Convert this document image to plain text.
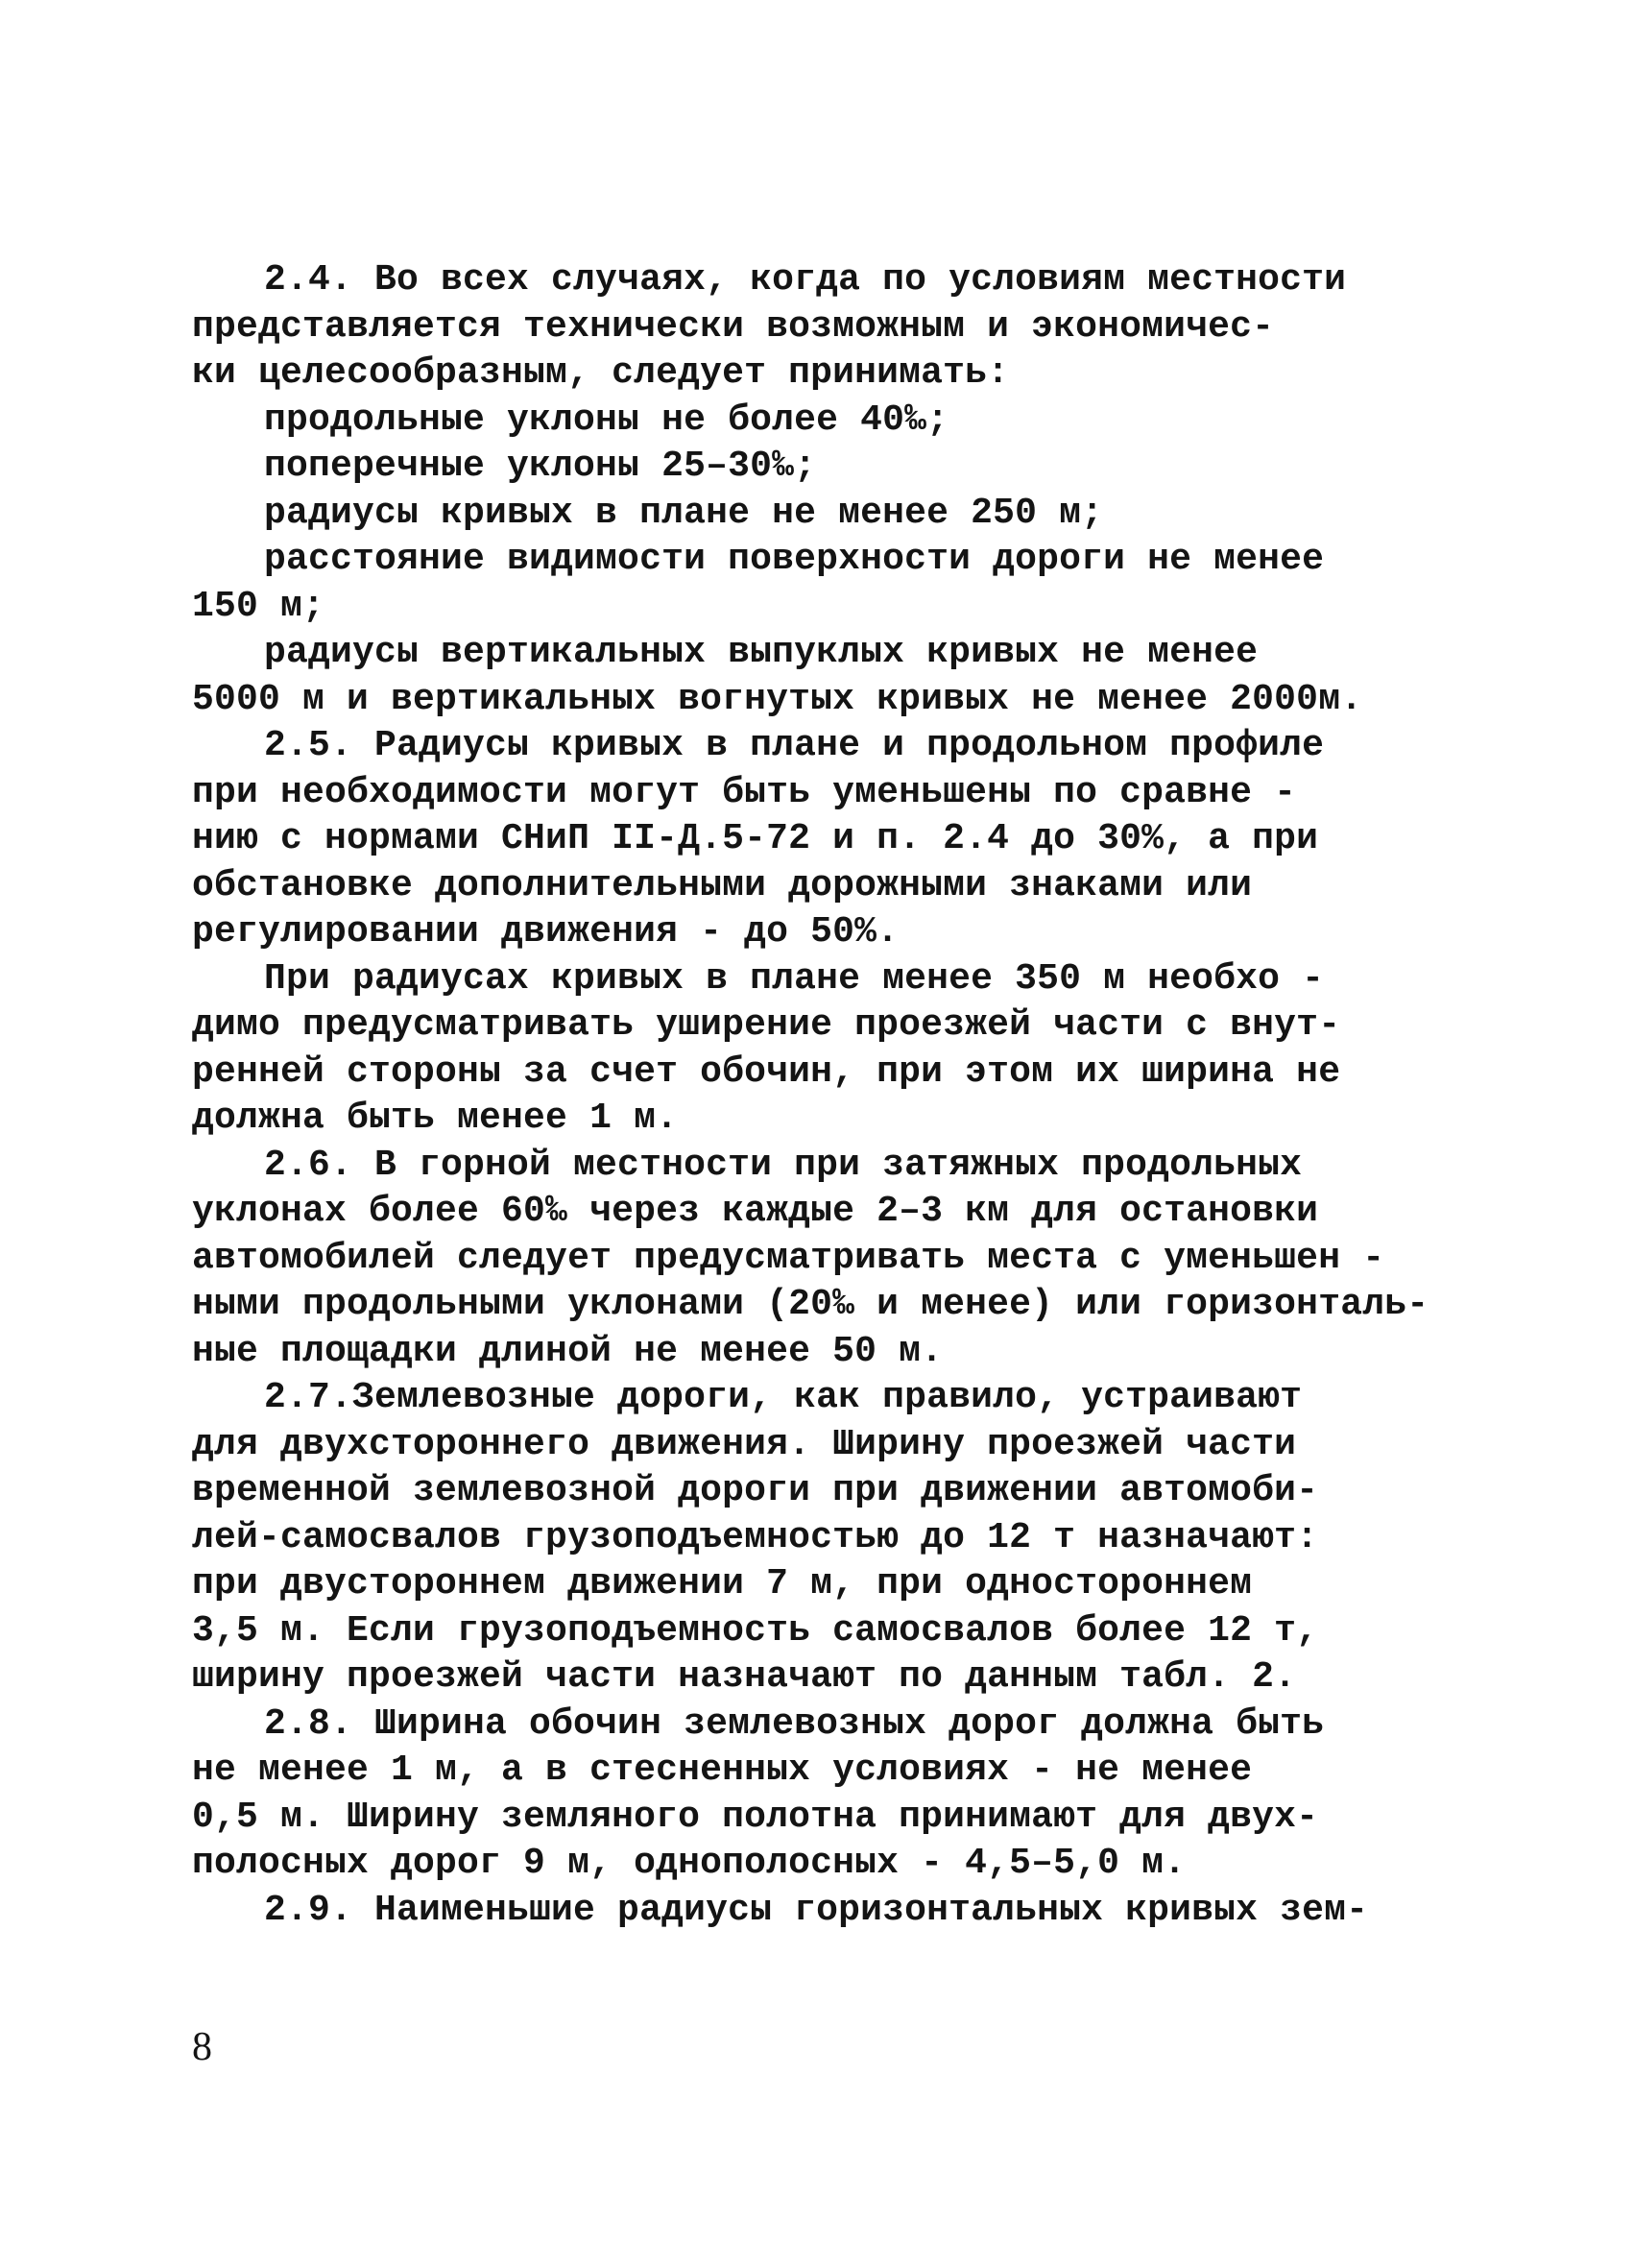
2.4. Во всех случаях, когда по условиям местности
представляется технически возможным и экономичес-
ки целесообразным, следует принимать:
продольные уклоны не более 40‰;
поперечные уклоны 25–30‰;
радиусы кривых в плане не менее 250 м;
расстояние видимости поверхности дороги не менее
150 м;
радиусы вертикальных выпуклых кривых не менее
5000 м и вертикальных вогнутых кривых не менее 2000м.
2.5. Радиусы кривых в плане и продольном профиле
при необходимости могут быть уменьшены по сравне -
нию с нормами СНиП II-Д.5-72 и п. 2.4 до 30%, а при
обстановке дополнительными дорожными знаками или
регулировании движения - до 50%.
При радиусах кривых в плане менее 350 м необхо -
димо предусматривать уширение проезжей части с внут-
ренней стороны за счет обочин, при этом их ширина не
должна быть менее 1 м.
2.6. В горной местности при затяжных продольных
уклонах более 60‰ через каждые 2–3 км для остановки
автомобилей следует предусматривать места с уменьшен -
ными продольными уклонами (20‰ и менее) или горизонталь-
ные площадки длиной не менее 50 м.
2.7.Землевозные дороги, как правило, устраивают
для двухстороннего движения. Ширину проезжей части
временной землевозной дороги при движении автомоби-
лей-самосвалов грузоподъемностью до 12 т назначают:
при двустороннем движении 7 м, при одностороннем
3,5 м. Если грузоподъемность самосвалов более 12 т,
ширину проезжей части назначают по данным табл. 2.
2.8. Ширина обочин землевозных дорог должна быть
не менее 1 м, а в стесненных условиях - не менее
0,5 м. Ширину земляного полотна принимают для двух-
полосных дорог 9 м, однополосных - 4,5–5,0 м.
2.9. Наименьшие радиусы горизонтальных кривых зем-
8
